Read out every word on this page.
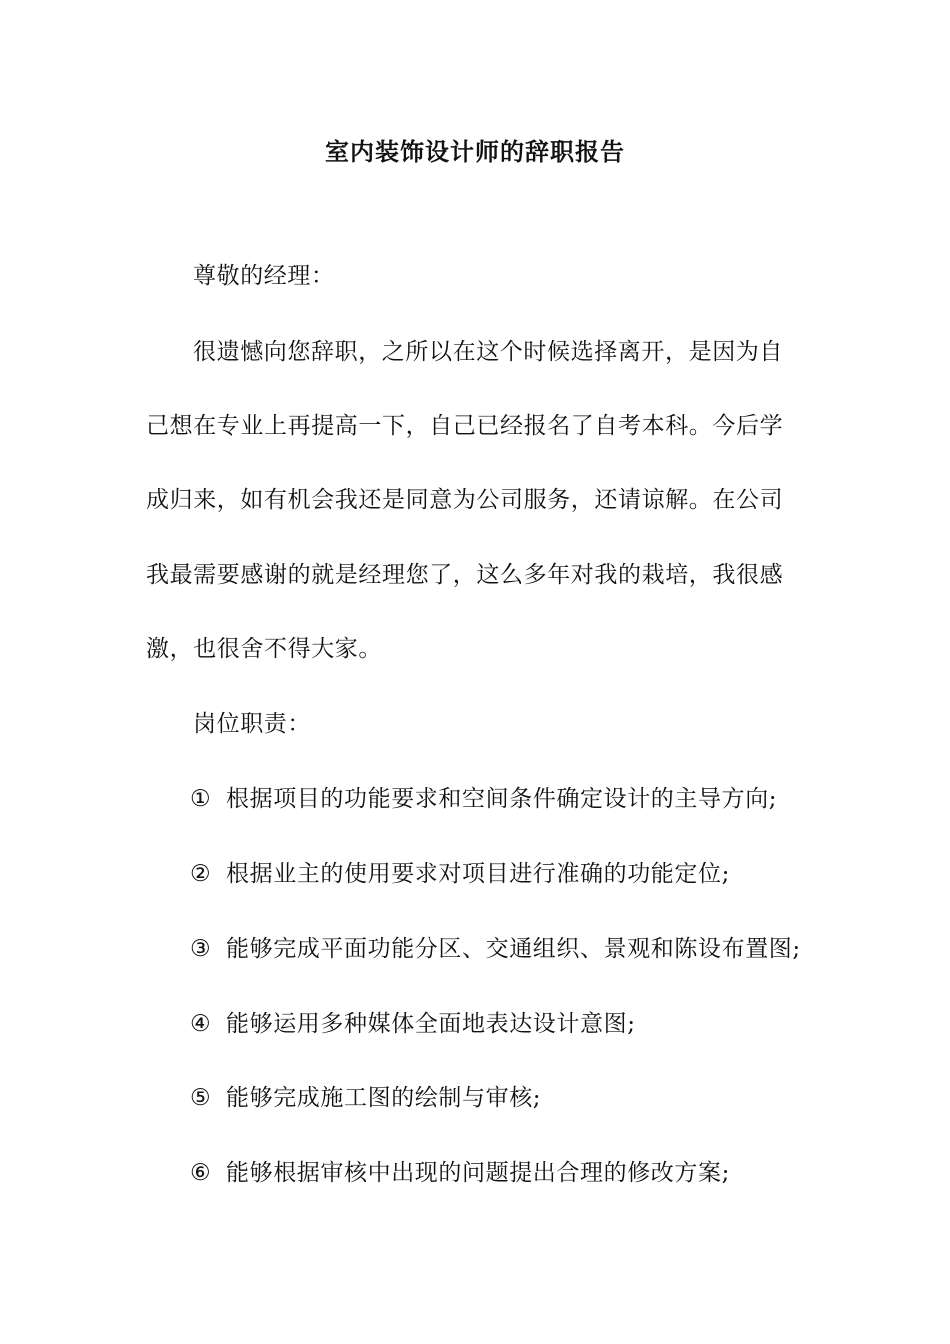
室内装饰设计师的辞职报告
尊敬的经理：
很遗憾向您辞职，之所以在这个时候选择离开，是因为自
己想在专业上再提高一下，自己已经报名了自考本科。今后学
成归来，如有机会我还是同意为公司服务，还请谅解。在公司
我最需要感谢的就是经理您了，这么多年对我的栽培，我很感
激，也很舍不得大家。
岗位职责：
① 根据项目的功能要求和空间条件确定设计的主导方向;
② 根据业主的使用要求对项目进行准确的功能定位;
③ 能够完成平面功能分区、交通组织、景观和陈设布置图;
④ 能够运用多种媒体全面地表达设计意图;
⑤ 能够完成施工图的绘制与审核;
⑥ 能够根据审核中出现的问题提出合理的修改方案;
